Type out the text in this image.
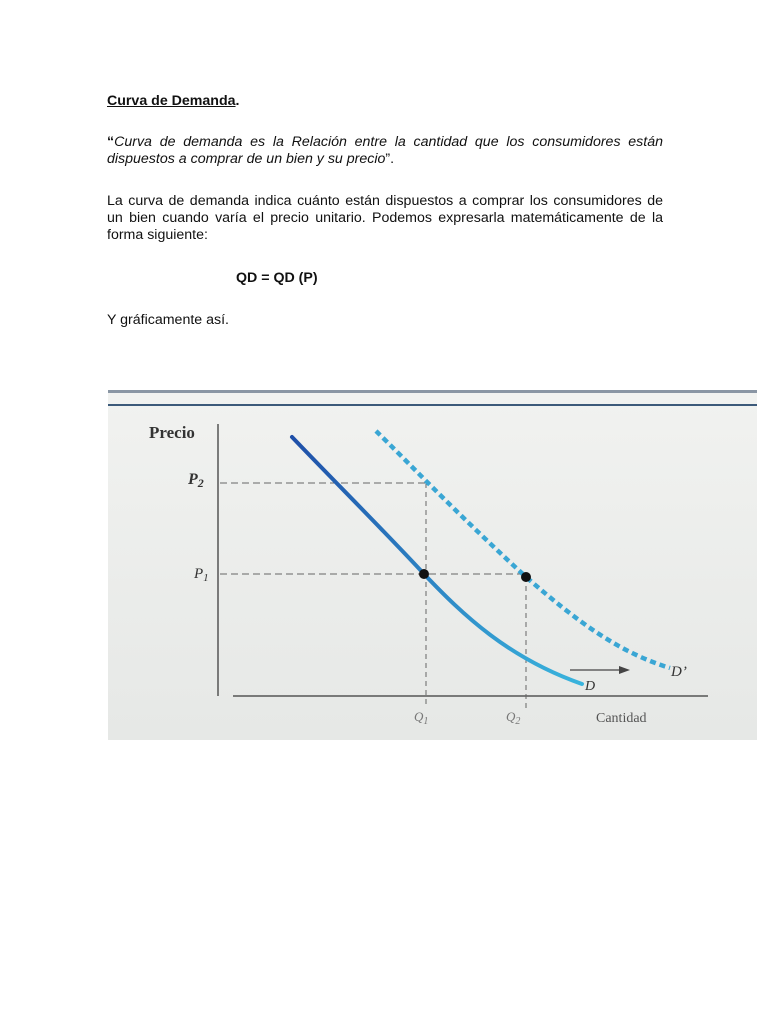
Curva de Demanda.
“Curva de demanda es la Relación entre la cantidad que los consumidores están dispuestos a comprar de un bien y su precio”.
La curva de demanda indica cuánto están dispuestos a comprar los consumidores de un bien cuando varía el precio unitario. Podemos expresarla matemáticamente de la forma siguiente:
QD = QD (P)
Y gráficamente así.
Precio
Cantidad
P2
$P_1$
$Q_1$	$Q_2$
D
D’
